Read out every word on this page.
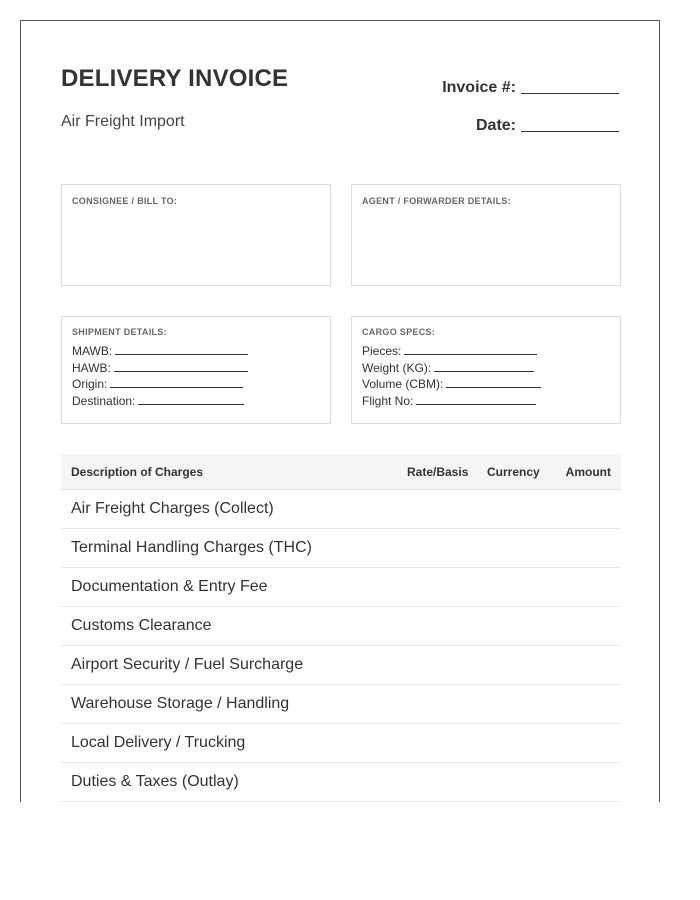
DELIVERY INVOICE
Air Freight Import
Invoice #:
Date:
CONSIGNEE / BILL TO:	AGENT / FORWARDER DETAILS:
SHIPMENT DETAILS:
MAWB:
HAWB:
Origin:
Destination:
CARGO SPECS:
Pieces:
Weight (KG):
Volume (CBM):
Flight No:
Description of Charges	Rate/Basis	Currency	Amount
Air Freight Charges (Collect)
Terminal Handling Charges (THC)
Documentation & Entry Fee
Customs Clearance
Airport Security / Fuel Surcharge
Warehouse Storage / Handling
Local Delivery / Trucking
Duties & Taxes (Outlay)
